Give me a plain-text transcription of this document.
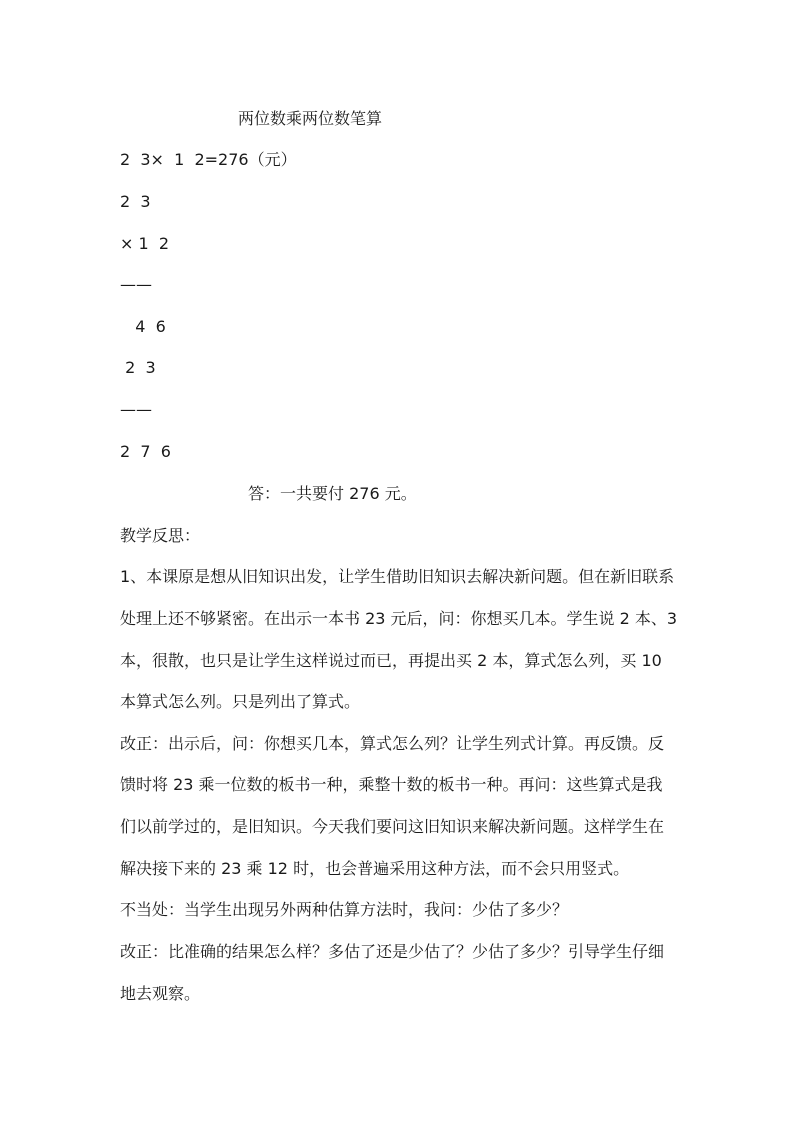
两位数乘两位数笔算
2  3×  1  2=276（元）
2  3
× 1  2
——
4  6
2  3
——
2  7  6
答：一共要付 276 元。
教学反思：
1、本课原是想从旧知识出发，让学生借助旧知识去解决新问题。但在新旧联系
处理上还不够紧密。在出示一本书 23 元后，问：你想买几本。学生说 2 本、3
本，很散，也只是让学生这样说过而已，再提出买 2 本，算式怎么列，买 10
本算式怎么列。只是列出了算式。
改正：出示后，问：你想买几本，算式怎么列？让学生列式计算。再反馈。反
馈时将 23 乘一位数的板书一种，乘整十数的板书一种。再问：这些算式是我
们以前学过的，是旧知识。今天我们要问这旧知识来解决新问题。这样学生在
解决接下来的 23 乘 12 时，也会普遍采用这种方法，而不会只用竖式。
不当处：当学生出现另外两种估算方法时，我问：少估了多少？
改正：比准确的结果怎么样？多估了还是少估了？少估了多少？引导学生仔细
地去观察。
